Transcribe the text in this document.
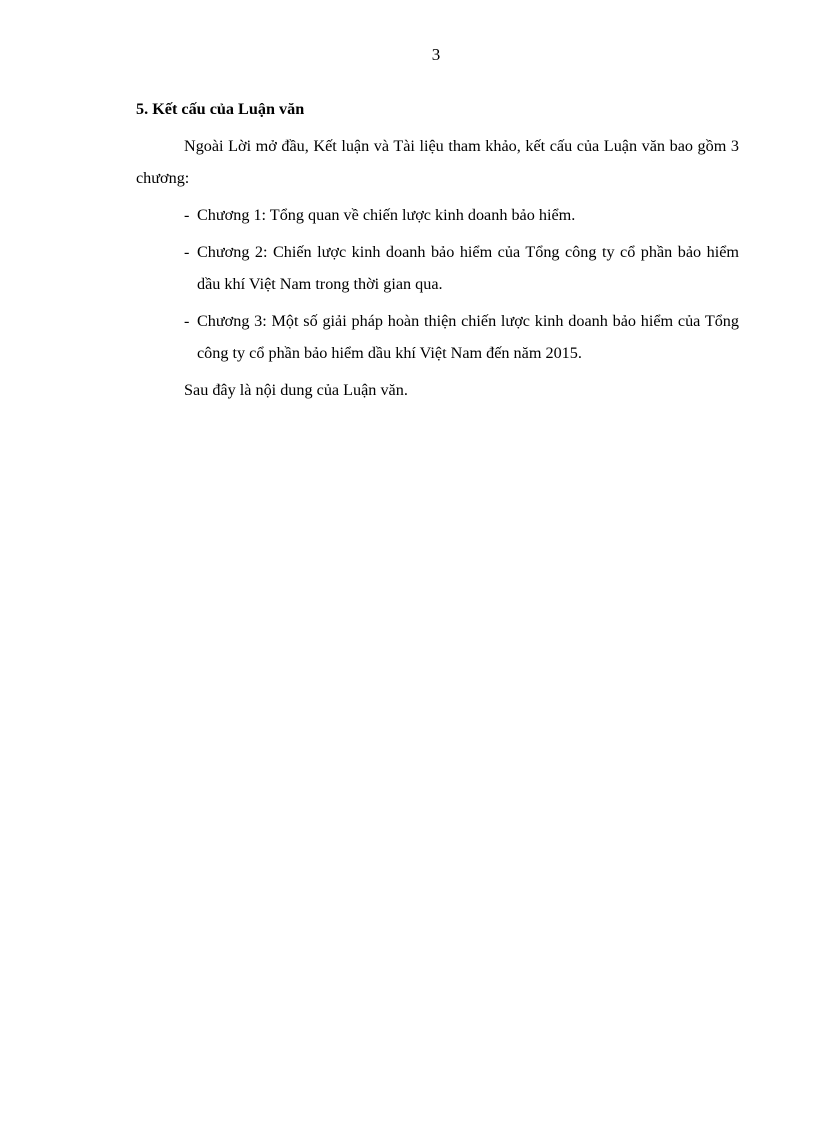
3
5. Kết cấu của Luận văn

Ngoài Lời mở đầu, Kết luận và Tài liệu tham khảo, kết cấu của Luận văn bao gồm 3 chương:

- Chương 1: Tổng quan về chiến lược kinh doanh bảo hiểm.
- Chương 2: Chiến lược kinh doanh bảo hiểm của Tổng công ty cổ phần bảo hiểm dầu khí Việt Nam trong thời gian qua.
- Chương 3: Một số giải pháp hoàn thiện chiến lược kinh doanh bảo hiểm của Tổng công ty cổ phần bảo hiểm dầu khí Việt Nam đến năm 2015.

Sau đây là nội dung của Luận văn.
